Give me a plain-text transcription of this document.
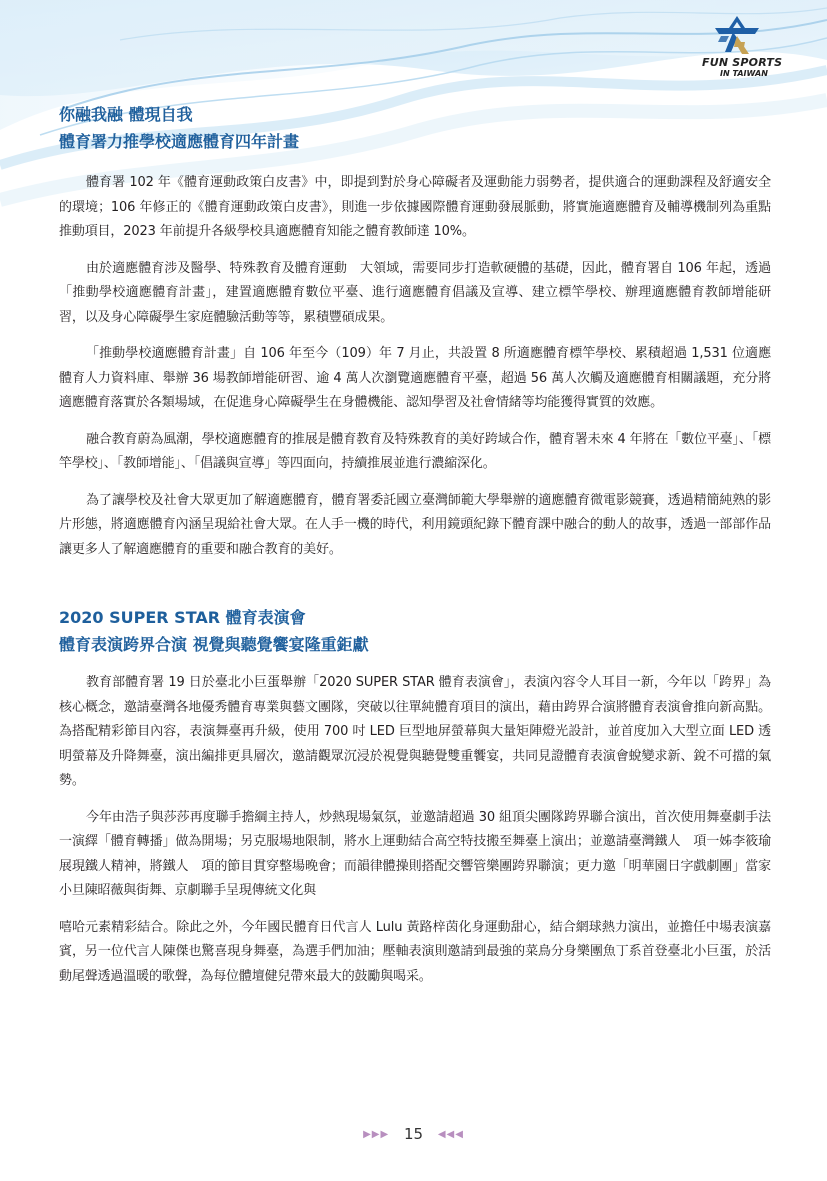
FUN SPORTS
IN TAIWAN

你融我融 體現自我

體育署力推學校適應體育四年計畫

體育署 102 年《體育運動政策白皮書》中，即提到對於身心障礙者及運動能力弱勢者，提供適合的運動課程及舒適安全的環境；106 年修正的《體育運動政策白皮書》，則進一步依據國際體育運動發展脈動，將實施適應體育及輔導機制列為重點推動項目，2023 年前提升各級學校具適應體育知能之體育教師達 10%。

由於適應體育涉及醫學、特殊教育及體育運動　大領域，需要同步打造軟硬體的基礎，因此，體育署自 106 年起，透過「推動學校適應體育計畫」，建置適應體育數位平臺、進行適應體育倡議及宣導、建立標竿學校、辦理適應體育教師增能研習，以及身心障礙學生家庭體驗活動等等，累積豐碩成果。

「推動學校適應體育計畫」自 106 年至今（109）年 7 月止，共設置 8 所適應體育標竿學校、累積超過 1,531 位適應體育人力資料庫、舉辦 36 場教師增能研習、逾 4 萬人次瀏覽適應體育平臺，超過 56 萬人次觸及適應體育相關議題，充分將適應體育落實於各類場域，在促進身心障礙學生在身體機能、認知學習及社會情緒等均能獲得實質的效應。

融合教育蔚為風潮，學校適應體育的推展是體育教育及特殊教育的美好跨域合作，體育署未來 4 年將在「數位平臺」、「標竿學校」、「教師增能」、「倡議與宣導」等四面向，持續推展並進行濃縮深化。

為了讓學校及社會大眾更加了解適應體育，體育署委託國立臺灣師範大學舉辦的適應體育微電影競賽，透過精簡純熟的影片形態，將適應體育內涵呈現給社會大眾。在人手一機的時代，利用鏡頭紀錄下體育課中融合的動人的故事，透過一部部作品讓更多人了解適應體育的重要和融合教育的美好。

2020 SUPER STAR 體育表演會

體育表演跨界合演 視覺與聽覺饗宴隆重鉅獻

教育部體育署 19 日於臺北小巨蛋舉辦「2020 SUPER STAR 體育表演會」，表演內容令人耳目一新，今年以「跨界」為核心概念，邀請臺灣各地優秀體育專業與藝文團隊，突破以往單純體育項目的演出，藉由跨界合演將體育表演會推向新高點。為搭配精彩節目內容，表演舞臺再升級，使用 700 吋 LED 巨型地屏螢幕與大量矩陣燈光設計，並首度加入大型立面 LED 透明螢幕及升降舞臺，演出編排更具層次，邀請觀眾沉浸於視覺與聽覺雙重饗宴，共同見證體育表演會蛻變求新、銳不可擋的氣勢。

今年由浩子與莎莎再度聯手擔綱主持人，炒熱現場氣氛，並邀請超過 30 組頂尖團隊跨界聯合演出，首次使用舞臺劇手法一演繹「體育轉播」做為開場；另克服場地限制，將水上運動結合高空特技搬至舞臺上演出；並邀請臺灣鐵人　項一姊李筱瑜展現鐵人精神，將鐵人　項的節目貫穿整場晚會；而韻律體操則搭配交響管樂團跨界聯演；更力邀「明華園日字戲劇團」當家小旦陳昭薇與街舞、京劇聯手呈現傳統文化與

嘻哈元素精彩結合。除此之外，今年國民體育日代言人 Lulu 黃路梓茵化身運動甜心，結合網球熱力演出，並擔任中場表演嘉賓，另一位代言人陳傑也驚喜現身舞臺，為選手們加油；壓軸表演則邀請到最強的菜鳥分身樂團魚丁系首登臺北小巨蛋，於活動尾聲透過溫暖的歌聲，為每位體壇健兒帶來最大的鼓勵與喝采。

▶▶▶ 15 ◀◀◀
